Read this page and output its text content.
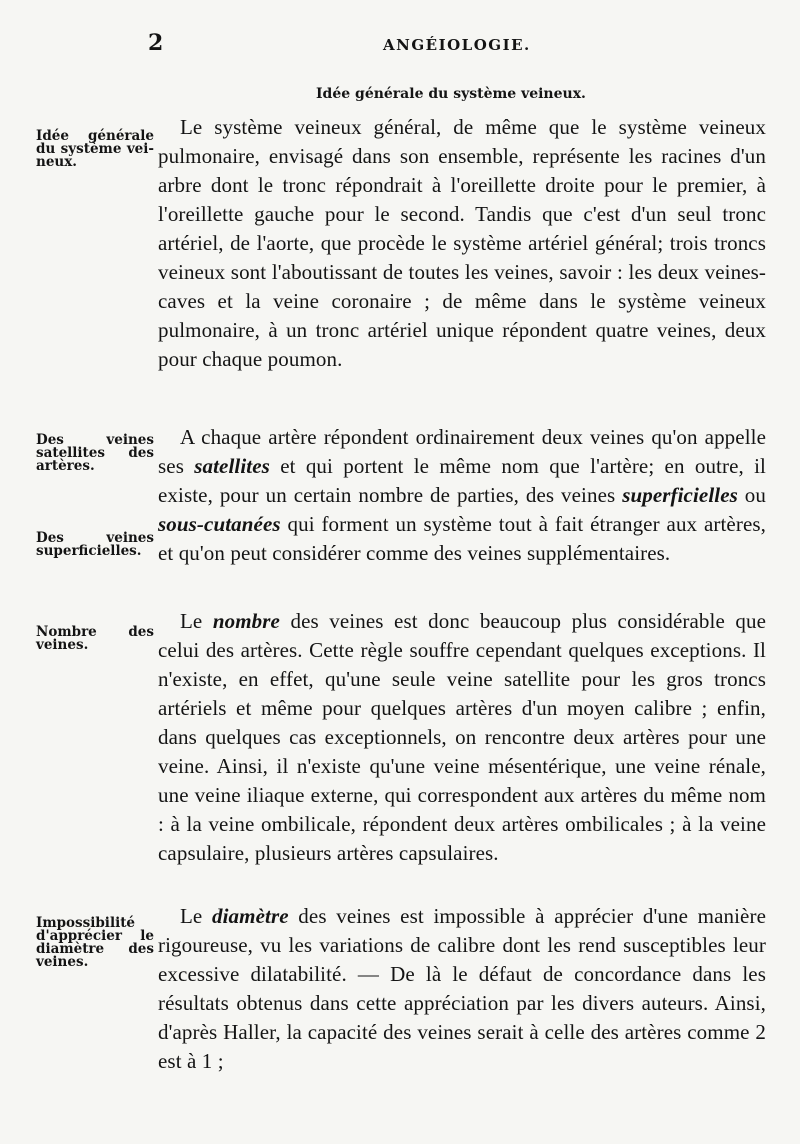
2	ANGÉIOLOGIE.
Idée générale du système veineux.
Idée générale du système vei-neux.

Le système veineux général, de même que le système veineux pulmonaire, envisagé dans son ensemble, représente les racines d'un arbre dont le tronc répondrait à l'oreillette droite pour le premier, à l'oreillette gauche pour le second. Tandis que c'est d'un seul tronc artériel, de l'aorte, que procède le système artériel général; trois troncs veineux sont l'aboutissant de toutes les veines, savoir : les deux veines-caves et la veine coronaire ; de même dans le système veineux pulmonaire, à un tronc artériel unique répondent quatre veines, deux pour chaque poumon.

Des veines satellites des artères.
Des veines superficielles.

A chaque artère répondent ordinairement deux veines qu'on appelle ses satellites et qui portent le même nom que l'artère; en outre, il existe, pour un certain nombre de parties, des veines superficielles ou sous-cutanées qui forment un système tout à fait étranger aux artères, et qu'on peut considérer comme des veines supplémentaires.

Nombre des veines.

Le nombre des veines est donc beaucoup plus considérable que celui des artères. Cette règle souffre cependant quelques exceptions. Il n'existe, en effet, qu'une seule veine satellite pour les gros troncs artériels et même pour quelques artères d'un moyen calibre ; enfin, dans quelques cas exceptionnels, on rencontre deux artères pour une veine. Ainsi, il n'existe qu'une veine mésentérique, une veine rénale, une veine iliaque externe, qui correspondent aux artères du même nom : à la veine ombilicale, répondent deux artères ombilicales ; à la veine capsulaire, plusieurs artères capsulaires.

Impossibilité d'apprécier le diamètre des veines.

Le diamètre des veines est impossible à apprécier d'une manière rigoureuse, vu les variations de calibre dont les rend susceptibles leur excessive dilatabilité. — De là le défaut de concordance dans les résultats obtenus dans cette appréciation par les divers auteurs. Ainsi, d'après Haller, la capacité des veines serait à celle des artères comme 2 est à 1 ;
